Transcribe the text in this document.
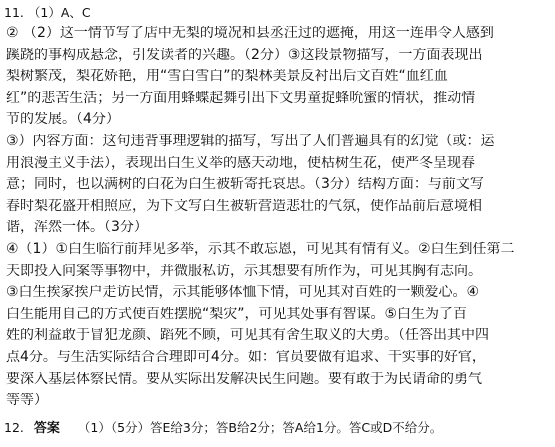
11. （1）A、C
② （2）这一情节写了店中无梨的境况和县丞汪过的遮掩，用这一连串令人感到
蹊跷的事构成悬念，引发读者的兴趣。（2分）③这段景物描写，一方面表现出
梨树繁茂，梨花娇艳，用“雪白雪白”的梨林美景反衬出后文百姓“血红血
红”的悲苦生活；另一方面用蜂蝶起舞引出下文男童捉蜂吮蜜的情状，推动情
节的发展。（4分）
③）内容方面：这句违背事理逻辑的描写，写出了人们普遍具有的幻觉（或：运
用浪漫主义手法），表现出白生义举的感天动地，使枯树生花，使严冬呈现春
意；同时，也以满树的白花为白生被斩寄托哀思。（3分）结构方面：与前文写
春时梨花盛开相照应，为下文写白生被斩营造悲壮的气氛，使作品前后意境相
谐，浑然一体。（3分）
④（1）①白生临行前拜见多举，示其不敢忘恩，可见其有情有义。②白生到任第二
天即投入问案等事物中，并微服私访，示其想要有所作为，可见其胸有志向。
③白生挨家挨户走访民情，示其能够体恤下情，可见其对百姓的一颗爱心。④
白生能用自己的方式使百姓摆脱“梨灾”，可见其处事有智谋。⑤白生为了百
姓的利益敢于冒犯龙颜、蹈死不顾，可见其有舍生取义的大勇。（任答出其中四
点4分。与生活实际结合合理即可4分。如：官员要做有追求、干实事的好官，
要深入基层体察民情。要从实际出发解决民生问题。要有敢于为民请命的勇气
等等）
12. 答案 （1）（5分）答E给3分；答B给2分；答A给1分。答C或D不给分。
